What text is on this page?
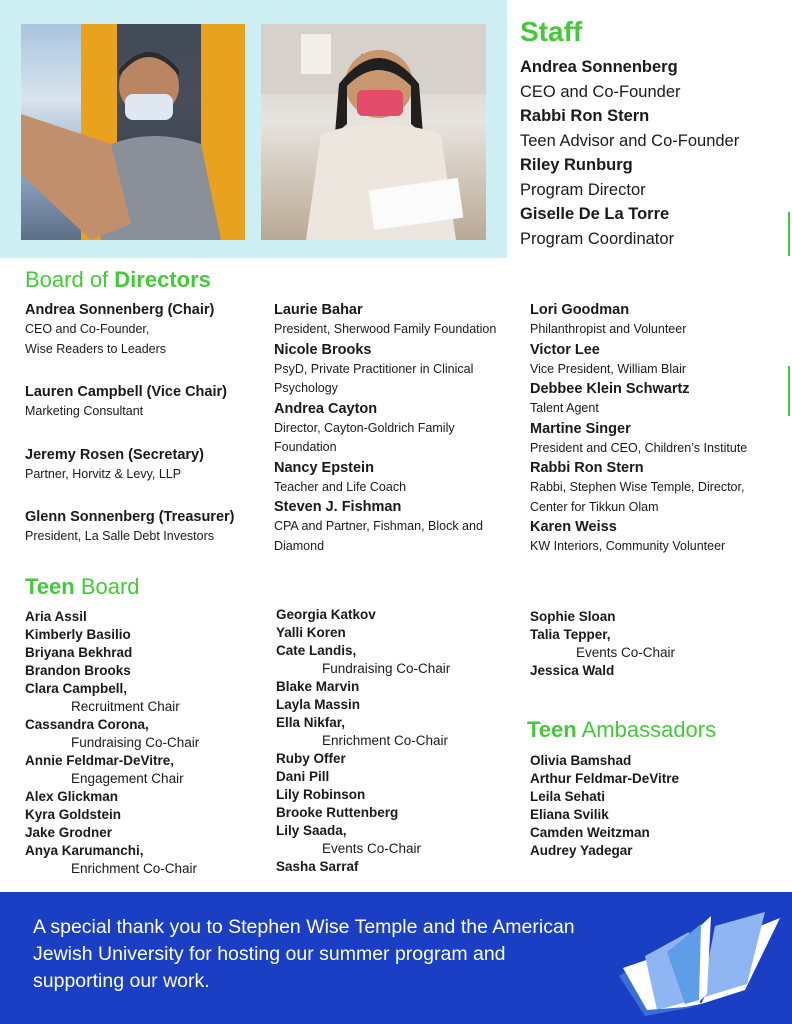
Staff
Andrea Sonnenberg
CEO and Co-Founder
Rabbi Ron Stern
Teen Advisor and Co-Founder
Riley Runburg
Program Director
Giselle De La Torre
Program Coordinator
Board of Directors
Andrea Sonnenberg (Chair)
CEO and Co-Founder,
Wise Readers to Leaders
Lauren Campbell (Vice Chair)
Marketing Consultant
Jeremy Rosen (Secretary)
Partner, Horvitz & Levy, LLP
Glenn Sonnenberg (Treasurer)
President, La Salle Debt Investors
Laurie Bahar
President, Sherwood Family Foundation
Nicole Brooks
PsyD, Private Practitioner in Clinical Psychology
Andrea Cayton
Director, Cayton-Goldrich Family Foundation
Nancy Epstein
Teacher and Life Coach
Steven J. Fishman
CPA and Partner, Fishman, Block and Diamond
Lori Goodman
Philanthropist and Volunteer
Victor Lee
Vice President, William Blair
Debbee Klein Schwartz
Talent Agent
Martine Singer
President and CEO, Children’s Institute
Rabbi Ron Stern
Rabbi, Stephen Wise Temple, Director, Center for Tikkun Olam
Karen Weiss
KW Interiors, Community Volunteer
Teen Board
Aria Assil
Kimberly Basilio
Briyana Bekhrad
Brandon Brooks
Clara Campbell,
Recruitment Chair
Cassandra Corona,
Fundraising Co-Chair
Annie Feldmar-DeVitre,
Engagement Chair
Alex Glickman
Kyra Goldstein
Jake Grodner
Anya Karumanchi,
Enrichment Co-Chair
Georgia Katkov
Yalli Koren
Cate Landis,
Fundraising Co-Chair
Blake Marvin
Layla Massin
Ella Nikfar,
Enrichment Co-Chair
Ruby Offer
Dani Pill
Lily Robinson
Brooke Ruttenberg
Lily Saada,
Events Co-Chair
Sasha Sarraf
Sophie Sloan
Talia Tepper,
Events Co-Chair
Jessica Wald
Teen Ambassadors
Olivia Bamshad
Arthur Feldmar-DeVitre
Leila Sehati
Eliana Svilik
Camden Weitzman
Audrey Yadegar
A special thank you to Stephen Wise Temple and the American Jewish University for hosting our summer program and supporting our work.
